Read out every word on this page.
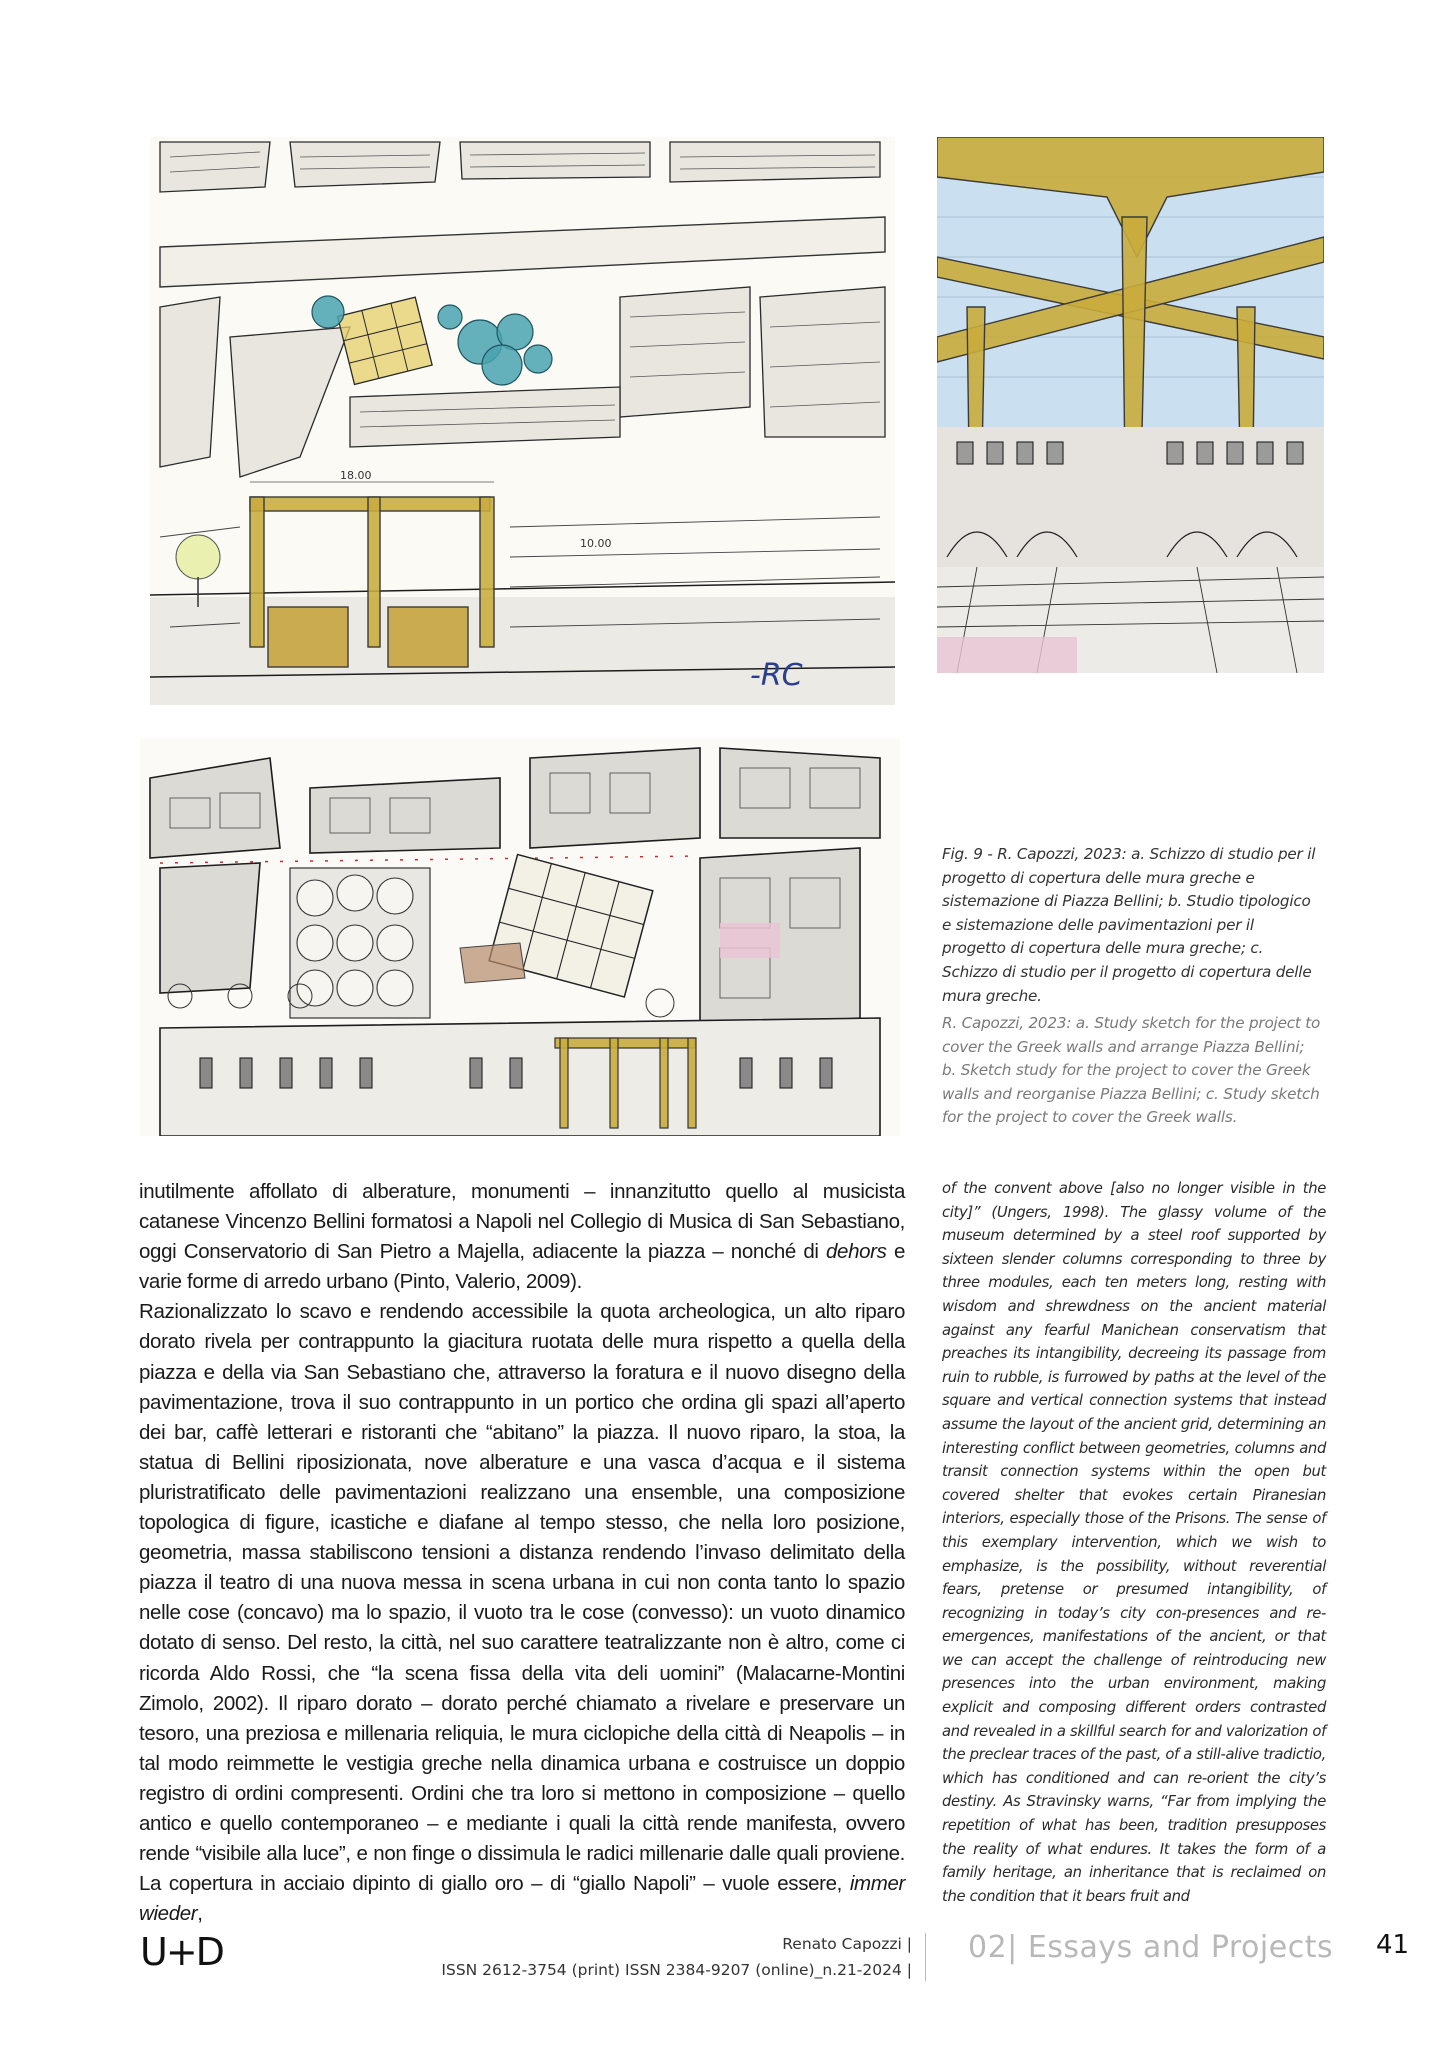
18.00
10.00
-RC
Fig. 9 - R. Capozzi, 2023: a. Schizzo di studio per il progetto di copertura delle mura greche e sistemazione di Piazza Bellini; b. Studio tipologico e sistemazione delle pavimentazioni per il progetto di copertura delle mura greche; c. Schizzo di studio per il progetto di copertura delle mura greche.
R. Capozzi, 2023: a. Study sketch for the project to cover the Greek walls and arrange Piazza Bellini; b. Sketch study for the project to cover the Greek walls and reorganise Piazza Bellini; c. Study sketch for the project to cover the Greek walls.

inutilmente affollato di alberature, monumenti – innanzitutto quello al musicista catanese Vincenzo Bellini formatosi a Napoli nel Collegio di Musica di San Sebastiano, oggi Conservatorio di San Pietro a Majella, adiacente la piazza – nonché di dehors e varie forme di arredo urbano (Pinto, Valerio, 2009).

Razionalizzato lo scavo e rendendo accessibile la quota archeologica, un alto riparo dorato rivela per contrappunto la giacitura ruotata delle mura rispetto a quella della piazza e della via San Sebastiano che, attraverso la foratura e il nuovo disegno della pavimentazione, trova il suo contrappunto in un portico che ordina gli spazi all’aperto dei bar, caffè letterari e ristoranti che “abitano” la piazza. Il nuovo riparo, la stoa, la statua di Bellini riposizionata, nove alberature e una vasca d’acqua e il sistema pluristratificato delle pavimentazioni realizzano una ensemble, una composizione topologica di figure, icastiche e diafane al tempo stesso, che nella loro posizione, geometria, massa stabiliscono tensioni a distanza rendendo l’invaso delimitato della piazza il teatro di una nuova messa in scena urbana in cui non conta tanto lo spazio nelle cose (concavo) ma lo spazio, il vuoto tra le cose (convesso): un vuoto dinamico dotato di senso. Del resto, la città, nel suo carattere teatralizzante non è altro, come ci ricorda Aldo Rossi, che “la scena fissa della vita deli uomini” (Malacarne-Montini Zimolo, 2002). Il riparo dorato – dorato perché chiamato a rivelare e preservare un tesoro, una preziosa e millenaria reliquia, le mura ciclopiche della città di Neapolis – in tal modo reimmette le vestigia greche nella dinamica urbana e costruisce un doppio registro di ordini compresenti. Ordini che tra loro si mettono in composizione – quello antico e quello contemporaneo – e mediante i quali la città rende manifesta, ovvero rende “visibile alla luce”, e non finge o dissimula le radici millenarie dalle quali proviene. La copertura in acciaio dipinto di giallo oro – di “giallo Napoli” – vuole essere, immer wieder,

of the convent above [also no longer visible in the city]” (Ungers, 1998). The glassy volume of the museum determined by a steel roof supported by sixteen slender columns corresponding to three by three modules, each ten meters long, resting with wisdom and shrewdness on the ancient material against any fearful Manichean conservatism that preaches its intangibility, decreeing its passage from ruin to rubble, is furrowed by paths at the level of the square and vertical connection systems that instead assume the layout of the ancient grid, determining an interesting conflict between geometries, columns and transit connection systems within the open but covered shelter that evokes certain Piranesian interiors, especially those of the Prisons. The sense of this exemplary intervention, which we wish to emphasize, is the possibility, without reverential fears, pretense or presumed intangibility, of recognizing in today’s city con-presences and re-emergences, manifestations of the ancient, or that we can accept the challenge of reintroducing new presences into the urban environment, making explicit and composing different orders contrasted and revealed in a skillful search for and valorization of the preclear traces of the past, of a still-alive tradictio, which has conditioned and can re-orient the city’s destiny. As Stravinsky warns, “Far from implying the repetition of what has been, tradition presupposes the reality of what endures. It takes the form of a family heritage, an inheritance that is reclaimed on the condition that it bears fruit and

U+D	Renato Capozzi |
ISSN 2612-3754 (print) ISSN 2384-9207 (online)_n.21-2024 |
02| Essays and Projects 41
